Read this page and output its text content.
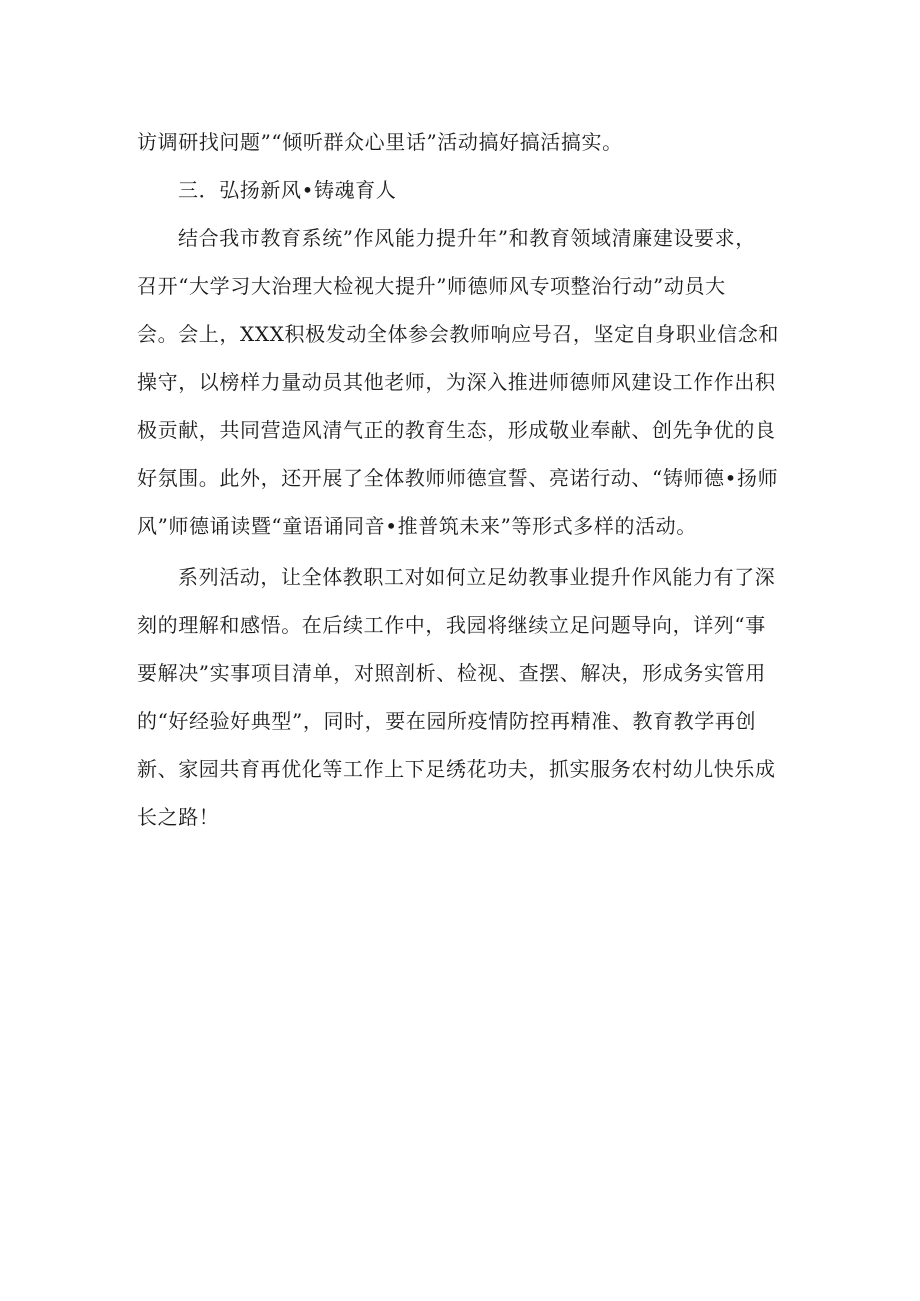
访调研找问题”“倾听群众心里话”活动搞好搞活搞实。
三．弘扬新风•铸魂育人
结合我市教育系统”作风能力提升年”和教育领域清廉建设要求，
召开“大学习大治理大检视大提升”师德师风专项整治行动”动员大
会。会上，XXX积极发动全体参会教师响应号召，坚定自身职业信念和
操守，以榜样力量动员其他老师，为深入推进师德师风建设工作作出积
极贡献，共同营造风清气正的教育生态，形成敬业奉献、创先争优的良
好氛围。此外，还开展了全体教师师德宣誓、亮诺行动、“铸师德•扬师
风”师德诵读暨“童语诵同音•推普筑未来”等形式多样的活动。
系列活动，让全体教职工对如何立足幼教事业提升作风能力有了深
刻的理解和感悟。在后续工作中，我园将继续立足问题导向，详列“事
要解决”实事项目清单，对照剖析、检视、查摆、解决，形成务实管用
的“好经验好典型”，同时，要在园所疫情防控再精准、教育教学再创
新、家园共育再优化等工作上下足绣花功夫，抓实服务农村幼儿快乐成
长之路！
